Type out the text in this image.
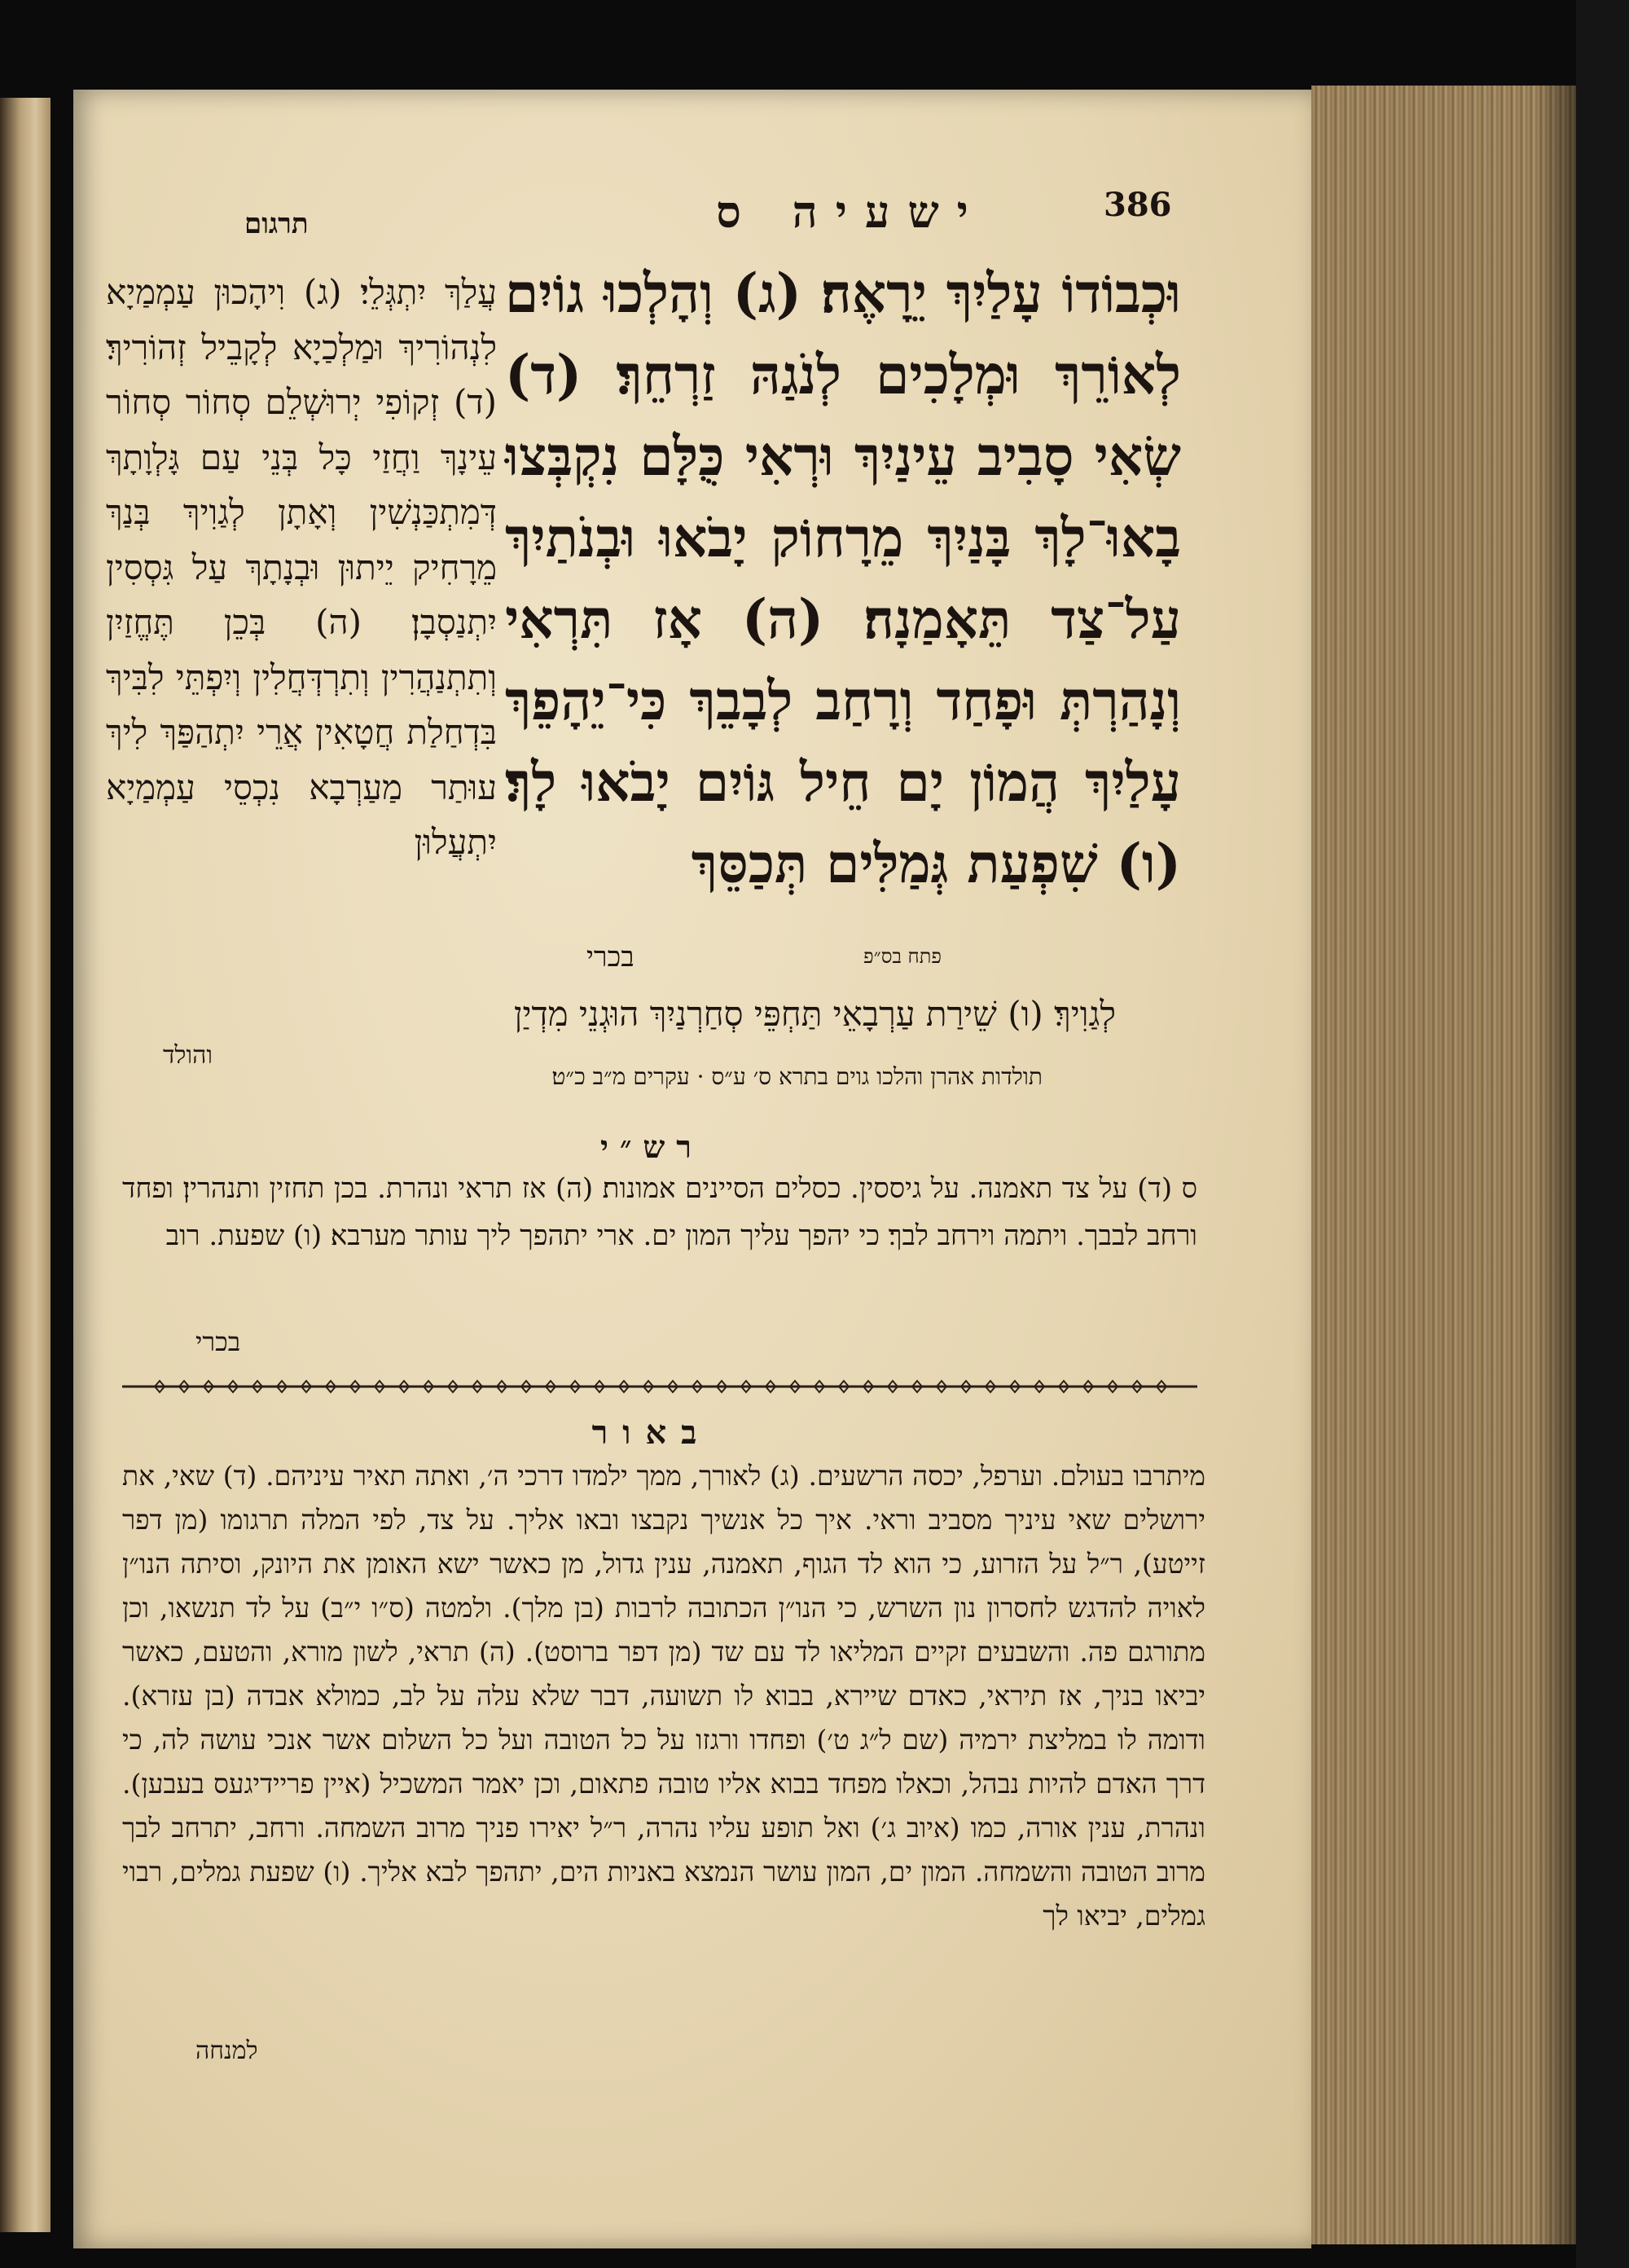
386
ישעיה ס
תרגום
וּכְבוֹדוֹ עָלַיִךְ יֵרָאֶה׃ (ג) וְהָלְכוּ גוֹיִם לְאוֹרֵךְ וּמְלָכִים לְנֹגַהּ זַרְחֵךְ׃ (ד) שְׂאִי סָבִיב עֵינַיִךְ וּרְאִי כֻּלָּם נִקְבְּצוּ בָאוּ־לָךְ בָּנַיִךְ מֵרָחוֹק יָבֹאוּ וּבְנֹתַיִךְ עַל־צַד תֵּאָמַנָה׃ (ה) אָז תִּרְאִי וְנָהַרְתְּ וּפָחַד וְרָחַב לְבָבֵךְ כִּי־יֵהָפֵךְ עָלַיִךְ הֲמוֹן יָם חֵיל גּוֹיִם יָבֹאוּ לָךְ׃ (ו) שִׁפְעַת גְּמַלִּים תְּכַסֵּךְ
עֲלַךְ יִתְגְּלֵי׃ (ג) וִיהָכוּן עַמְמַיָא לִנְהוֹרִיךְ וּמַלְכַיָא לְקָבֵיל זְהוֹרִיךְ׃ (ד) זְקוֹפִי יְרוּשְׁלֵם סְחוֹר סְחוֹר עֵינָךְ וַחֲזַי כָּל בְּנֵי עַם גָּלְוָתָךְ דְּמִתְכַּנְשִׁין וְאָתָן לְגַוִיךְ בְּנַךְ מֵרָחִיק יֵיתוּן וּבְנָתָךְ עַל גִּסְסִין יִתְנַסְבָן׃ (ה) בְּכֵן תֶּחֱזַיִן וְתִתְנַהֲרִין וְתִרְדְּחֲלִין וְיִפְתֵּי לִבִּיךְ בִּדְחַלַת חֲטָאִין אֲרֵי יִתְהַפַּךְ לִיךְ עוּתַר מַעַרְבָא נִכְסֵי עַמְמַיָא יִתְעֲלוּן
פתח בס״פ
בכרי
לְגַוִיךְ׃ (ו) שֵׁירַת עַרְבָאֵי תַּחְפֵּי סְחַרְנַיִךְ הוּגְנֵי מִדְיַן
והולד
תולדות אהרן והלכו גוים בתרא ס׳ ע״ס · עקרים מ״ב כ״ט׃
רש״י
ס (ד) על צד תאמנה. על גיססין. כסלים הסיינים אמונות׃ (ה) אז תראי ונהרת. בכן תחזין ותנהרין׃ ופחד ורחב לבבך. ויתמה וירחב לבך׃ כי יהפך עליך המון ים. ארי יתהפך ליך עותר מערבא׃ (ו) שפעת. רוב
בכרי
באור
מיתרבו בעולם. וערפל, יכסה הרשעים. (ג) לאורך, ממך ילמדו דרכי ה׳, ואתה תאיר עיניהם. (ד) שאי, את ירושלים שאי עיניך מסביב וראי. איך כל אנשיך נקבצו ובאו אליך. על צד, לפי המלה תרגומו (מן דפר זייטע), ר״ל על הזרוע, כי הוא לד הגוף, תאמנה, ענין גדול, מן כאשר ישא האומן את היונק, וסיתה הנו״ן לאויה להדגש לחסרון נון השרש, כי הנו״ן הכתובה לרבות (בן מלך). ולמטה (ס״ו י״ב) על לד תנשאו, וכן מתורגם פה. והשבעים זקיים המליאו לד עם שד (מן דפר ברוסט). (ה) תראי, לשון מורא, והטעם, כאשר יביאו בניך, אז תיראי, כאדם שיירא, בבוא לו תשועה, דבר שלא עלה על לב, כמולא אבדה (בן עזרא). ודומה לו במליצת ירמיה (שם ל״ג ט׳) ופחדו ורגזו על כל הטובה ועל כל השלום אשר אנכי עושה לה, כי דרך האדם להיות נבהל, וכאלו מפחד בבוא אליו טובה פתאום, וכן יאמר המשכיל (איין פריידיגעס בעבען). ונהרת, ענין אורה, כמו (איוב ג׳) ואל תופע עליו נהרה, ר״ל יאירו פניך מרוב השמחה. ורחב, יתרחב לבך מרוב הטובה והשמחה. המון ים, המון עושר הנמצא באניות הים, יתהפך לבא אליך. (ו) שפעת גמלים, רבוי גמלים, יביאו לך
למנחה
